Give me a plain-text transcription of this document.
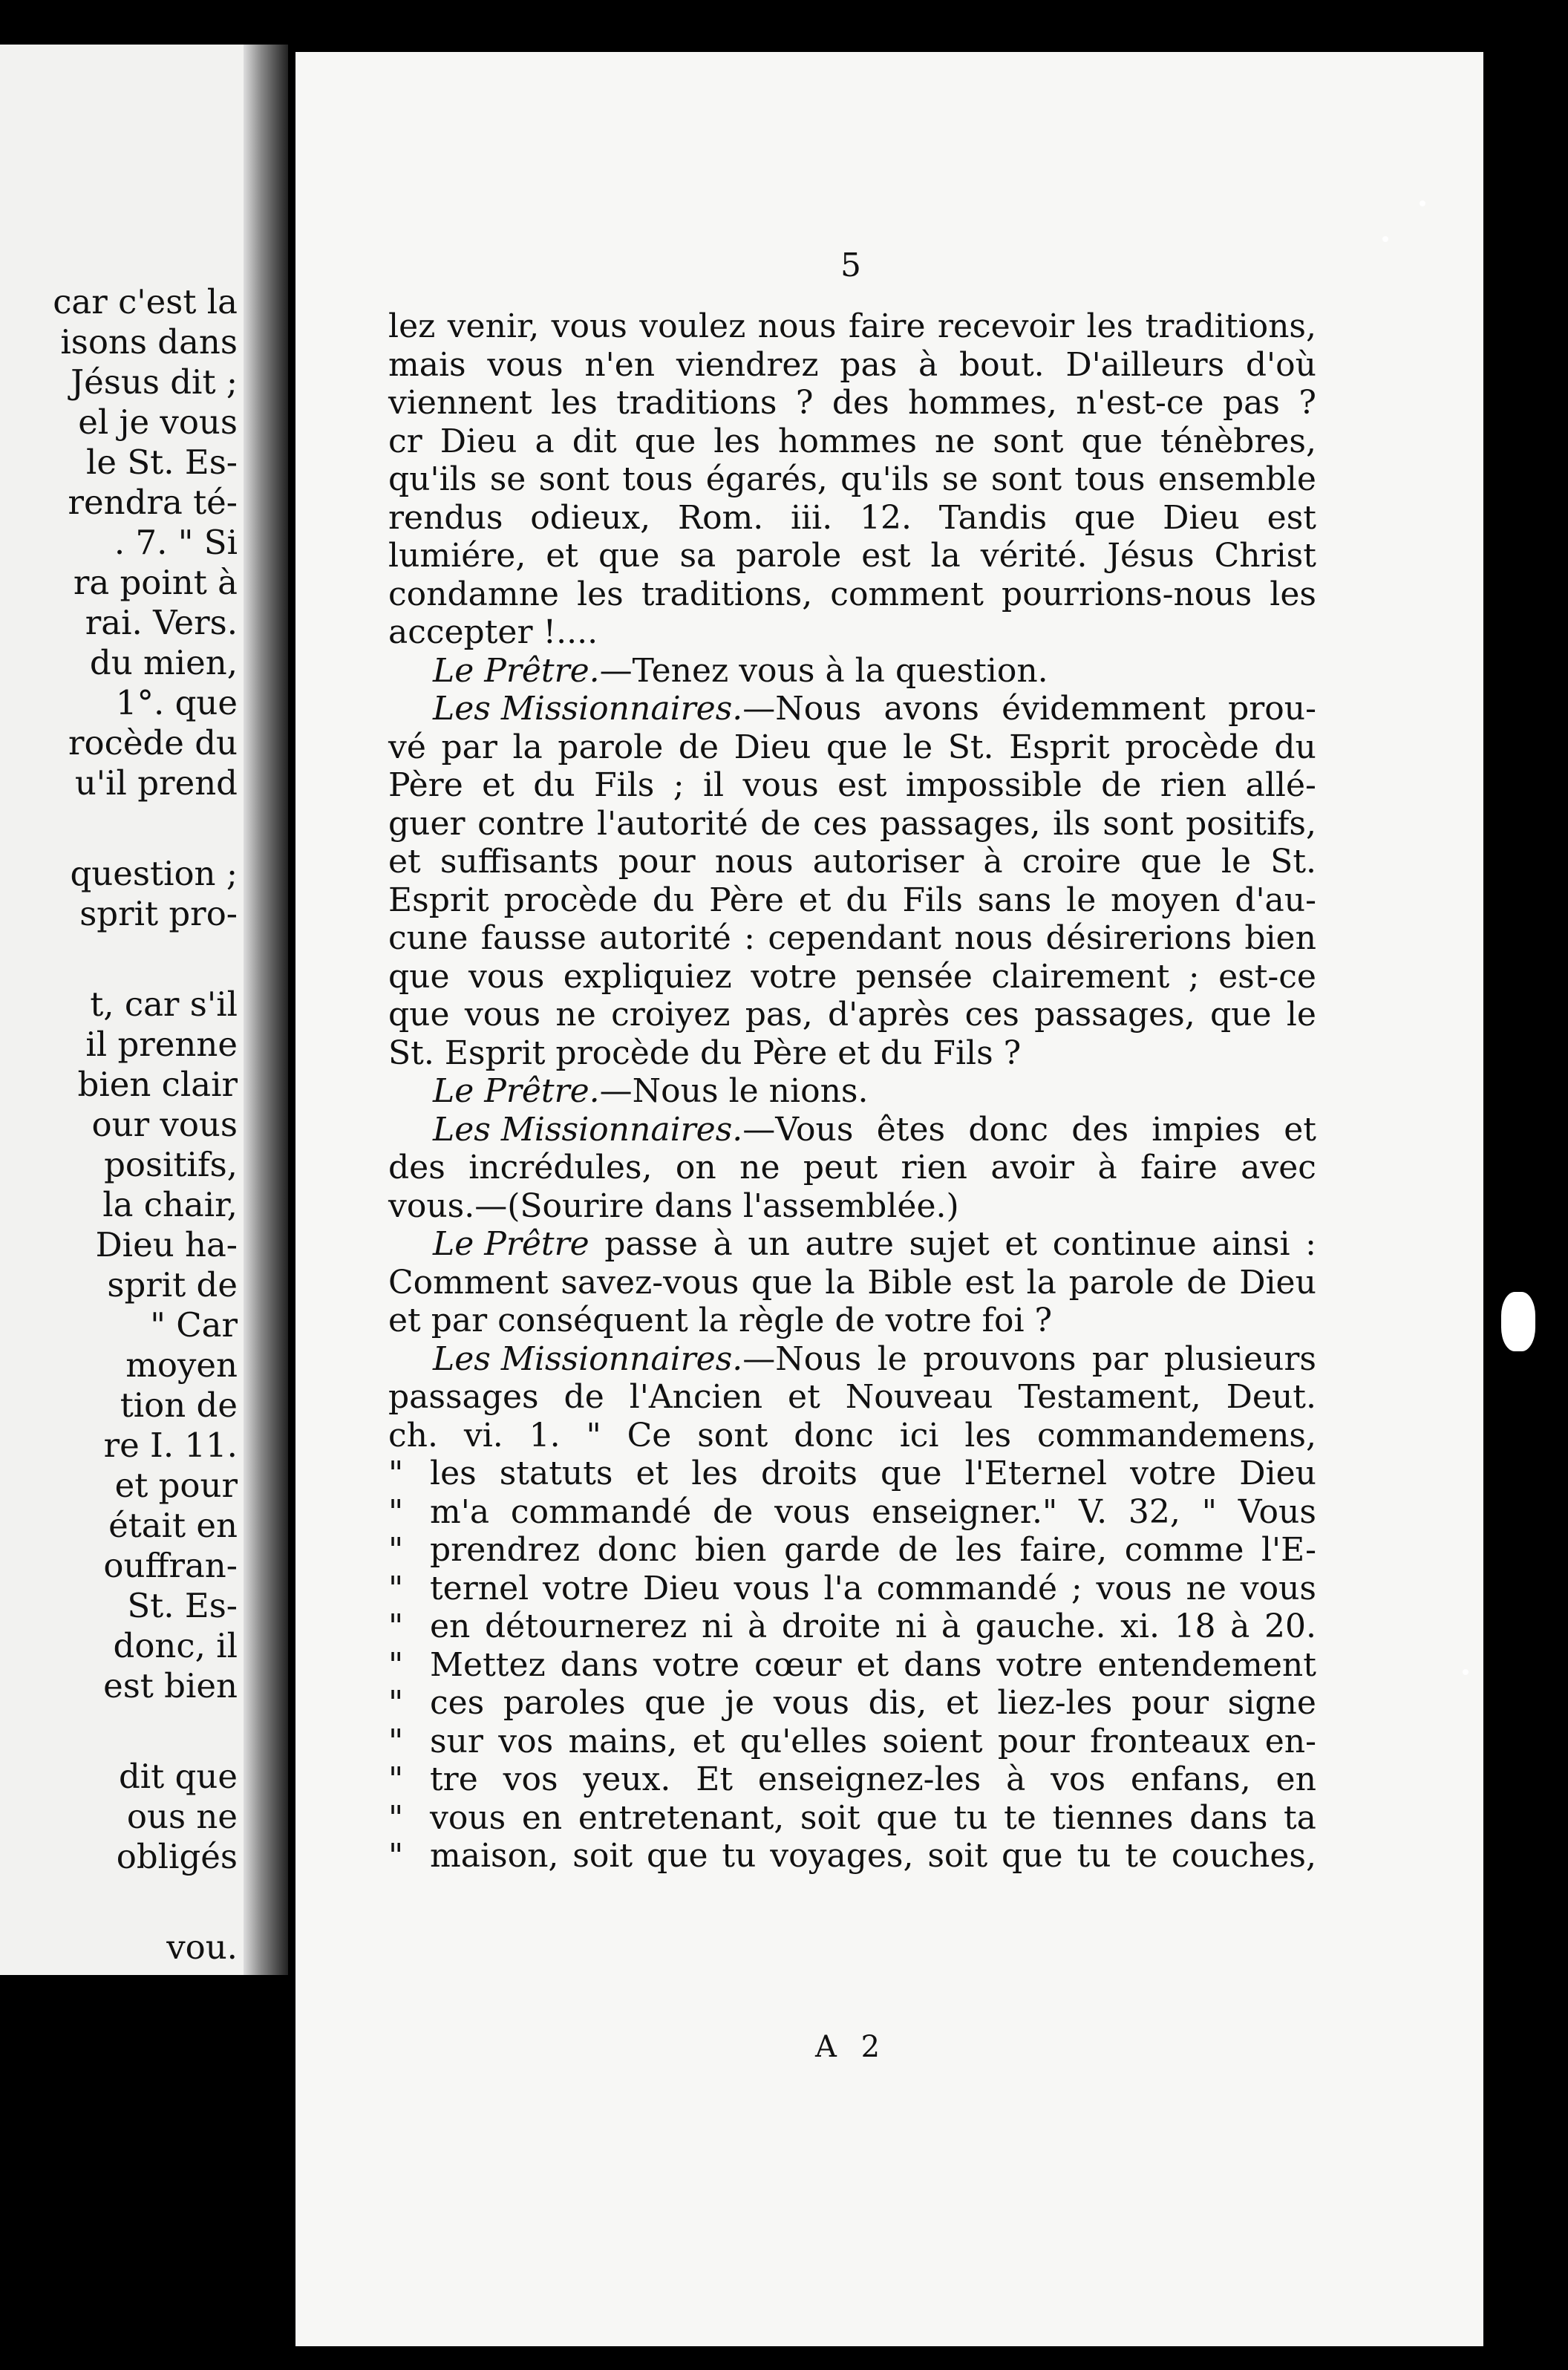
car c'est la
isons dans
Jésus dit ;
el je vous
le St. Es-
rendra té-
. 7. " Si
ra point à
rai. Vers.
du mien,
1°. que
rocède du
u'il prend
question ;
sprit pro-
t, car s'il
il prenne
bien clair
our vous
positifs,
la chair,
Dieu ha-
sprit de
" Car
moyen
tion de
re I. 11.
et pour
était en
ouffran-
St. Es-
donc, il
est bien
dit que
ous ne
obligés
vou.
5
lez venir, vous voulez nous faire recevoir les traditions,
mais vous n'en viendrez pas à bout. D'ailleurs d'où
viennent les traditions ? des hommes, n'est-ce pas ?
cr Dieu a dit que les hommes ne sont que ténèbres,
qu'ils se sont tous égarés, qu'ils se sont tous ensemble
rendus odieux, Rom. iii. 12. Tandis que Dieu est
lumiére, et que sa parole est la vérité. Jésus Christ
condamne les traditions, comment pourrions-nous les
accepter !....
Le Prêtre. —Tenez vous à la question.
Les Missionnaires.—Nous avons évidemment prou-
vé par la parole de Dieu que le St. Esprit procède du
Père et du Fils ; il vous est impossible de rien allé-
guer contre l'autorité de ces passages, ils sont positifs,
et suffisants pour nous autoriser à croire que le St.
Esprit procède du Père et du Fils sans le moyen d'au-
cune fausse autorité : cependant nous désirerions bien
que vous expliquiez votre pensée clairement ; est-ce
que vous ne croiyez pas, d'après ces passages, que le
St. Esprit procède du Père et du Fils ?
Le Prêtre. —Nous le nions.
Les Missionnaires.—Vous êtes donc des impies et
des incrédules, on ne peut rien avoir à faire avec
vous.—(Sourire dans l'assemblée.)
Le Prêtre passe à un autre sujet et continue ainsi :
Comment savez-vous que la Bible est la parole de Dieu
et par conséquent la règle de votre foi ?
Les Missionnaires.—Nous le prouvons par plusieurs
passages de l'Ancien et Nouveau Testament, Deut.
ch. vi. 1. " Ce sont donc ici les commandemens,
" les statuts et les droits que l'Eternel votre Dieu
" m'a commandé de vous enseigner." V. 32, " Vous
" prendrez donc bien garde de les faire, comme l'E-
" ternel votre Dieu vous l'a commandé ; vous ne vous
" en détournerez ni à droite ni à gauche. xi. 18 à 20.
" Mettez dans votre cœur et dans votre entendement
" ces paroles que je vous dis, et liez-les pour signe
" sur vos mains, et qu'elles soient pour fronteaux en-
" tre vos yeux. Et enseignez-les à vos enfans, en
" vous en entretenant, soit que tu te tiennes dans ta
" maison, soit que tu voyages, soit que tu te couches,
A 2
